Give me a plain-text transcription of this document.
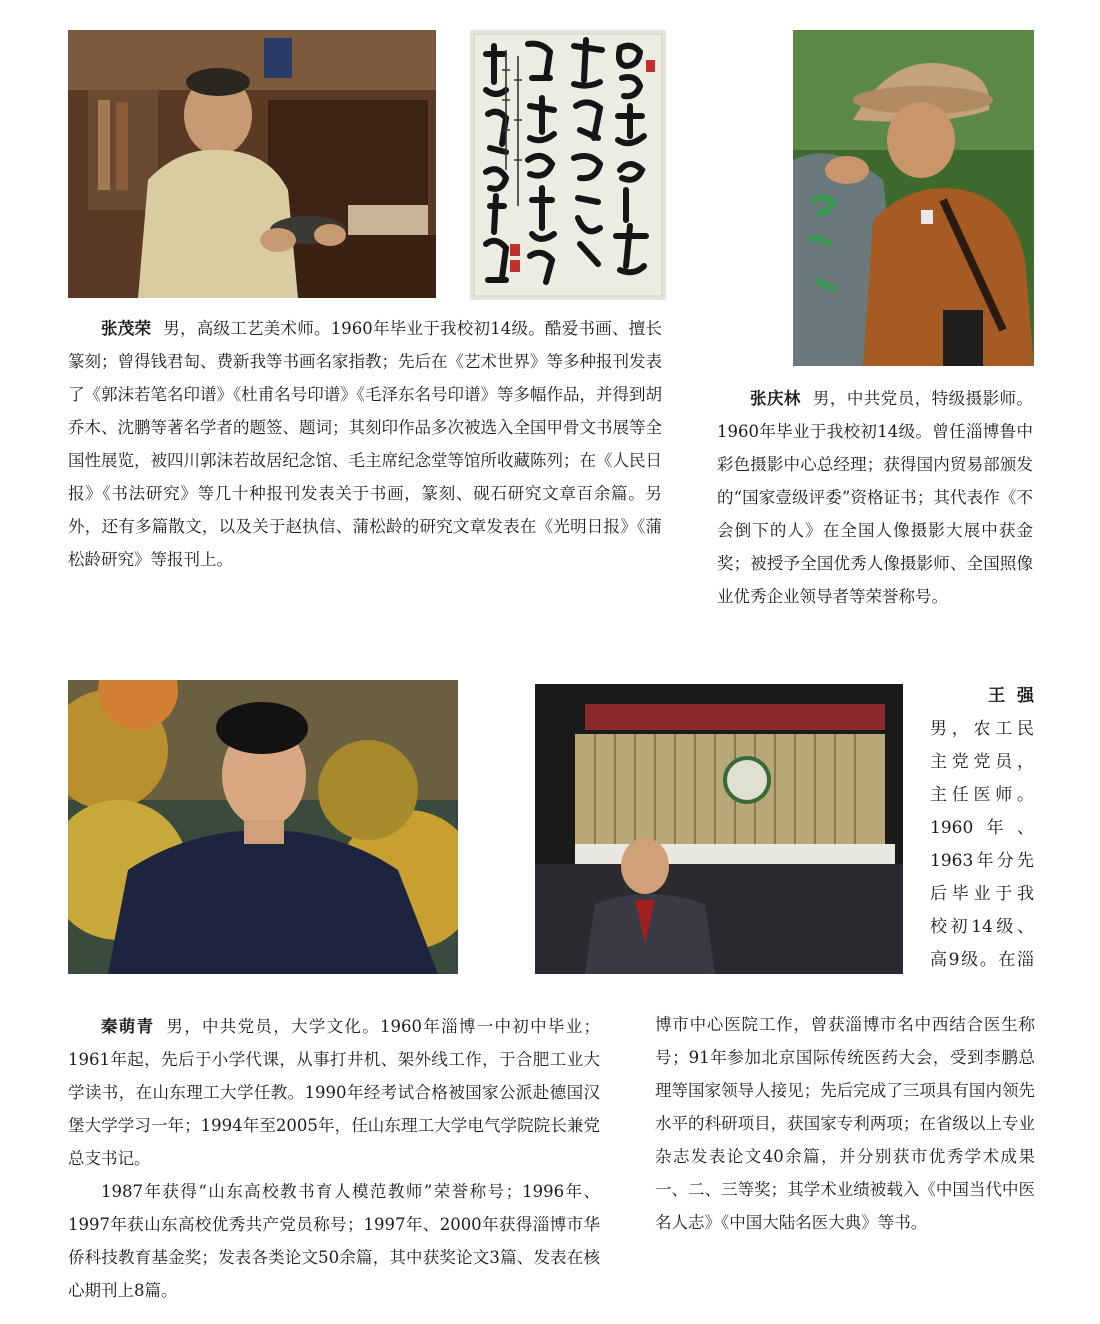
张茂荣 男，高级工艺美术师。1960年毕业于我校初14级。酷爱书画、擅长篆刻；曾得钱君匋、费新我等书画名家指教；先后在《艺术世界》等多种报刊发表了《郭沫若笔名印谱》《杜甫名号印谱》《毛泽东名号印谱》等多幅作品，并得到胡乔木、沈鹏等著名学者的题签、题词；其刻印作品多次被选入全国甲骨文书展等全国性展览，被四川郭沫若故居纪念馆、毛主席纪念堂等馆所收藏陈列；在《人民日报》《书法研究》等几十种报刊发表关于书画，篆刻、砚石研究文章百余篇。另外，还有多篇散文，以及关于赵执信、蒲松龄的研究文章发表在《光明日报》《蒲松龄研究》等报刊上。

张庆林 男，中共党员，特级摄影师。1960年毕业于我校初14级。曾任淄博鲁中彩色摄影中心总经理；获得国内贸易部颁发的“国家壹级评委”资格证书；其代表作《不会倒下的人》在全国人像摄影大展中获金奖；被授予全国优秀人像摄影师、全国照像业优秀企业领导者等荣誉称号。

王  强
男，农工民
主党党员，
主任医师。
1960年、
1963年分先
后毕业于我
校初14级、
高9级。在淄

秦萌青 男，中共党员，大学文化。1960年淄博一中初中毕业；1961年起，先后于小学代课，从事打井机、架外线工作，于合肥工业大学读书，在山东理工大学任教。1990年经考试合格被国家公派赴德国汉堡大学学习一年；1994年至2005年，任山东理工大学电气学院院长兼党总支书记。

1987年获得“山东高校教书育人模范教师”荣誉称号；1996年、1997年获山东高校优秀共产党员称号；1997年、2000年获得淄博市华侨科技教育基金奖；发表各类论文50余篇，其中获奖论文3篇、发表在核心期刊上8篇。

博市中心医院工作，曾获淄博市名中西结合医生称号；91年参加北京国际传统医药大会，受到李鹏总理等国家领导人接见；先后完成了三项具有国内领先水平的科研项目，获国家专利两项；在省级以上专业杂志发表论文40余篇，并分别获市优秀学术成果一、二、三等奖；其学术业绩被载入《中国当代中医名人志》《中国大陆名医大典》等书。
